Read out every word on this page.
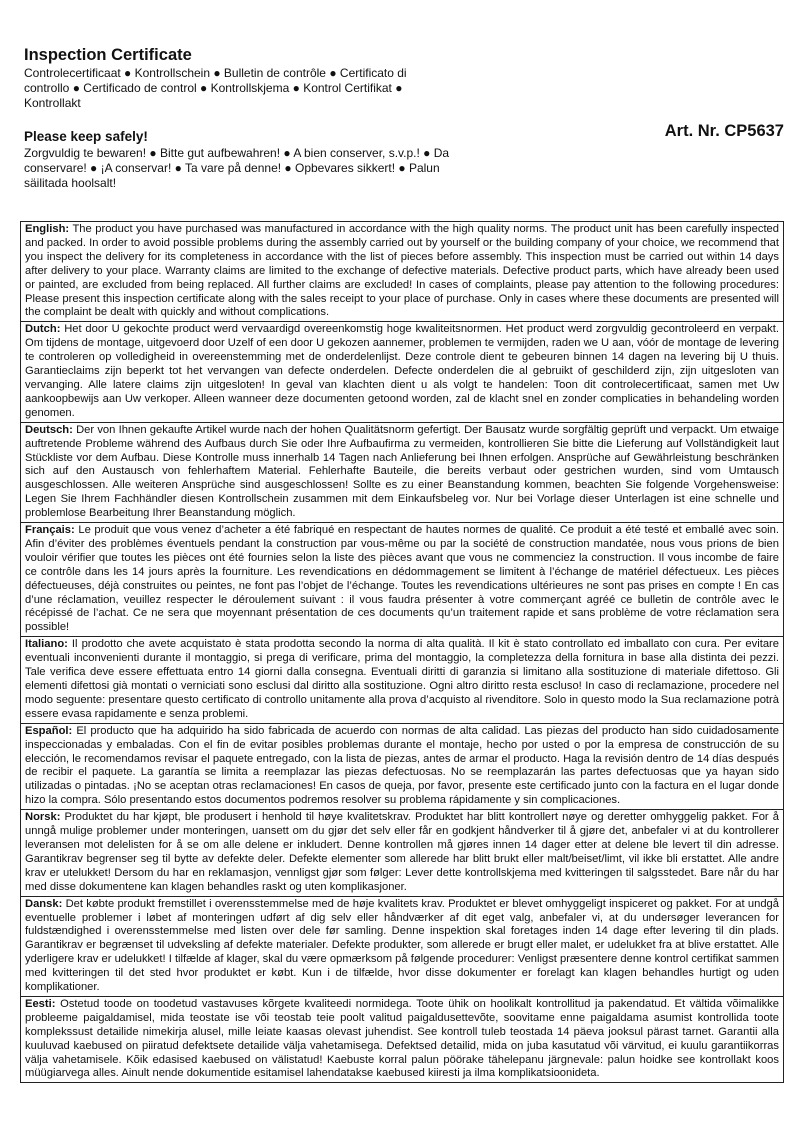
Inspection Certificate

Controlecertificaat ● Kontrollschein ● Bulletin de contrôle ● Certificato di controllo ● Certificado de control ● Kontrollskjema ● Kontrol Certifikat ● Kontrollakt

Please keep safely!

Zorgvuldig te bewaren! ● Bitte gut aufbewahren! ● A bien conserver, s.v.p.! ● Da conservare! ● ¡A conservar! ● Ta vare på denne! ● Opbevares sikkert! ● Palun säilitada hoolsalt!

Art. Nr. CP5637
English: The product you have purchased was manufactured in accordance with the high quality norms. The product unit has been carefully inspected and packed. In order to avoid possible problems during the assembly carried out by yourself or the building company of your choice, we recommend that you inspect the delivery for its completeness in accordance with the list of pieces before assembly. This inspection must be carried out within 14 days after delivery to your place. Warranty claims are limited to the exchange of defective materials. Defective product parts, which have already been used or painted, are excluded from being replaced. All further claims are excluded! In cases of complaints, please pay attention to the following procedures: Please present this inspection certificate along with the sales receipt to your place of purchase. Only in cases where these documents are presented will the complaint be dealt with quickly and without complications.
Dutch: Het door U gekochte product werd vervaardigd overeenkomstig hoge kwaliteitsnormen. Het product werd zorgvuldig gecontroleerd en verpakt. Om tijdens de montage, uitgevoerd door Uzelf of een door U gekozen aannemer, problemen te vermijden, raden we U aan, vóór de montage de levering te controleren op volledigheid in overeenstemming met de onderdelenlijst. Deze controle dient te gebeuren binnen 14 dagen na levering bij U thuis. Garantieclaims zijn beperkt tot het vervangen van defecte onderdelen. Defecte onderdelen die al gebruikt of geschilderd zijn, zijn uitgesloten van vervanging. Alle latere claims zijn uitgesloten! In geval van klachten dient u als volgt te handelen: Toon dit controlecertificaat, samen met Uw aankoopbewijs aan Uw verkoper. Alleen wanneer deze documenten getoond worden, zal de klacht snel en zonder complicaties in behandeling worden genomen.
Deutsch: Der von Ihnen gekaufte Artikel wurde nach der hohen Qualitätsnorm gefertigt. Der Bausatz wurde sorgfältig geprüft und verpackt. Um etwaige auftretende Probleme während des Aufbaus durch Sie oder Ihre Aufbaufirma zu vermeiden, kontrollieren Sie bitte die Lieferung auf Vollständigkeit laut Stückliste vor dem Aufbau. Diese Kontrolle muss innerhalb 14 Tagen nach Anlieferung bei Ihnen erfolgen. Ansprüche auf Gewährleistung beschränken sich auf den Austausch von fehlerhaftem Material. Fehlerhafte Bauteile, die bereits verbaut oder gestrichen wurden, sind vom Umtausch ausgeschlossen. Alle weiteren Ansprüche sind ausgeschlossen! Sollte es zu einer Beanstandung kommen, beachten Sie folgende Vorgehensweise: Legen Sie Ihrem Fachhändler diesen Kontrollschein zusammen mit dem Einkaufsbeleg vor. Nur bei Vorlage dieser Unterlagen ist eine schnelle und problemlose Bearbeitung Ihrer Beanstandung möglich.
Français: Le produit que vous venez d’acheter a été fabriqué en respectant de hautes normes de qualité. Ce produit a été testé et emballé avec soin. Afin d’éviter des problèmes éventuels pendant la construction par vous-même ou par la société de construction mandatée, nous vous prions de bien vouloir vérifier que toutes les pièces ont été fournies selon la liste des pièces avant que vous ne commenciez la construction. Il vous incombe de faire ce contrôle dans les 14 jours après la fourniture. Les revendications en dédommagement se limitent à l’échange de matériel défectueux. Les pièces défectueuses, déjà construites ou peintes, ne font pas l’objet de l’échange. Toutes les revendications ultérieures ne sont pas prises en compte ! En cas d’une réclamation, veuillez respecter le déroulement suivant : il vous faudra présenter à votre commerçant agréé ce bulletin de contrôle avec le récépissé de l’achat. Ce ne sera que moyennant présentation de ces documents qu’un traitement rapide et sans problème de votre réclamation sera possible!
Italiano: Il prodotto che avete acquistato è stata prodotta secondo la norma di alta qualità. Il kit è stato controllato ed imballato con cura. Per evitare eventuali inconvenienti durante il montaggio, si prega di verificare, prima del montaggio, la completezza della fornitura in base alla distinta dei pezzi. Tale verifica deve essere effettuata entro 14 giorni dalla consegna. Eventuali diritti di garanzia si limitano alla sostituzione di materiale difettoso. Gli elementi difettosi già montati o verniciati sono esclusi dal diritto alla sostituzione. Ogni altro diritto resta escluso! In caso di reclamazione, procedere nel modo seguente: presentare questo certificato di controllo unitamente alla prova d’acquisto al rivenditore. Solo in questo modo la Sua reclamazione potrà essere evasa rapidamente e senza problemi.
Español: El producto que ha adquirido ha sido fabricada de acuerdo con normas de alta calidad. Las piezas del producto han sido cuidadosamente inspeccionadas y embaladas. Con el fin de evitar posibles problemas durante el montaje, hecho por usted o por la empresa de construcción de su elección, le recomendamos revisar el paquete entregado, con la lista de piezas, antes de armar el producto. Haga la revisión dentro de 14 días después de recibir el paquete. La garantía se limita a reemplazar las piezas defectuosas. No se reemplazarán las partes defectuosas que ya hayan sido utilizadas o pintadas. ¡No se aceptan otras reclamaciones! En casos de queja, por favor, presente este certificado junto con la factura en el lugar donde hizo la compra. Sólo presentando estos documentos podremos resolver su problema rápidamente y sin complicaciones.
Norsk: Produktet du har kjøpt, ble produsert i henhold til høye kvalitetskrav. Produktet har blitt kontrollert nøye og deretter omhyggelig pakket. For å unngå mulige problemer under monteringen, uansett om du gjør det selv eller får en godkjent håndverker til å gjøre det, anbefaler vi at du kontrollerer leveransen mot delelisten for å se om alle delene er inkludert. Denne kontrollen må gjøres innen 14 dager etter at delene ble levert til din adresse. Garantikrav begrenser seg til bytte av defekte deler. Defekte elementer som allerede har blitt brukt eller malt/beiset/limt, vil ikke bli erstattet. Alle andre krav er utelukket! Dersom du har en reklamasjon, vennligst gjør som følger: Lever dette kontrollskjema med kvitteringen til salgsstedet. Bare når du har med disse dokumentene kan klagen behandles raskt og uten komplikasjoner.
Dansk: Det købte produkt fremstillet i overensstemmelse med de høje kvalitets krav. Produktet er blevet omhyggeligt inspiceret og pakket. For at undgå eventuelle problemer i løbet af monteringen udført af dig selv eller håndværker af dit eget valg, anbefaler vi, at du undersøger leverancen for fuldstændighed i overensstemmelse med listen over dele før samling. Denne inspektion skal foretages inden 14 dage efter levering til din plads. Garantikrav er begrænset til udveksling af defekte materialer. Defekte produkter, som allerede er brugt eller malet, er udelukket fra at blive erstattet. Alle yderligere krav er udelukket! I tilfælde af klager, skal du være opmærksom på følgende procedurer: Venligst præsentere denne kontrol certifikat sammen med kvitteringen til det sted hvor produktet er købt. Kun i de tilfælde, hvor disse dokumenter er forelagt kan klagen behandles hurtigt og uden komplikationer.
Eesti: Ostetud toode on toodetud vastavuses kõrgete kvaliteedi normidega. Toote ühik on hoolikalt kontrollitud ja pakendatud. Et vältida võimalikke probleeme paigaldamisel, mida teostate ise või teostab teie poolt valitud paigaldusettevõte, soovitame enne paigaldama asumist kontrollida toote komplekssust detailide nimekirja alusel, mille leiate kaasas olevast juhendist. See kontroll tuleb teostada 14 päeva jooksul pärast tarnet. Garantii alla kuuluvad kaebused on piiratud defektsete detailide välja vahetamisega. Defektsed detailid, mida on juba kasutatud või värvitud, ei kuulu garantiikorras välja vahetamisele. Kõik edasised kaebused on välistatud! Kaebuste korral palun pöörake tähelepanu järgnevale: palun hoidke see kontrollakt koos müügiarvega alles. Ainult nende dokumentide esitamisel lahendatakse kaebused kiiresti ja ilma komplikatsioonideta.
